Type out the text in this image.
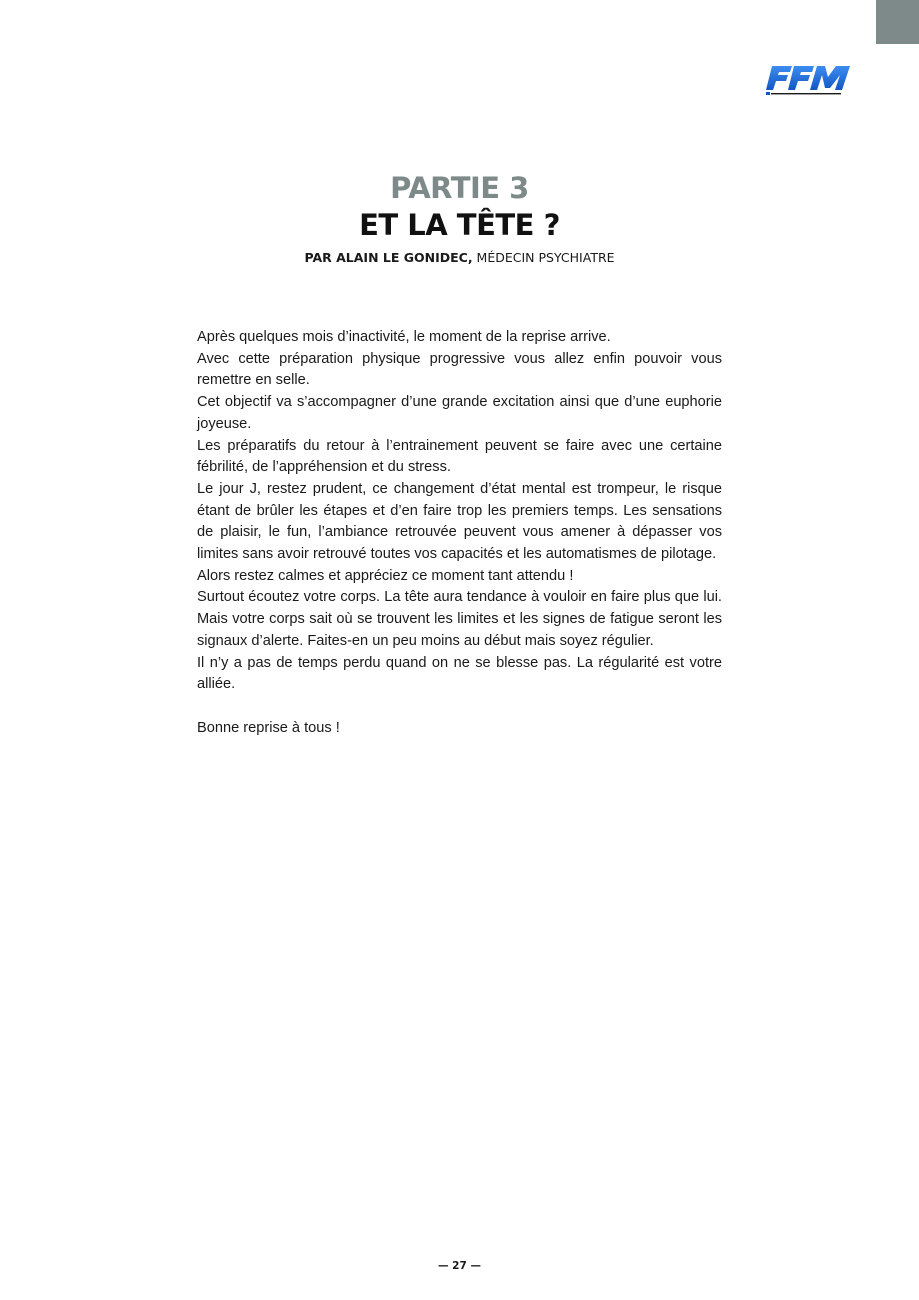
PARTIE 3
ET LA TÊTE ?
PAR ALAIN LE GONIDEC, MÉDECIN PSYCHIATRE

Après quelques mois d’inactivité, le moment de la reprise arrive.

Avec cette préparation physique progressive vous allez enfin pouvoir vous remettre en selle.

Cet objectif va s’accompagner d’une grande excitation ainsi que d’une euphorie joyeuse.

Les préparatifs du retour à l’entrainement peuvent se faire avec une certaine fébrilité, de l’appréhension et du stress.

Le jour J, restez prudent, ce changement d’état mental est trompeur, le risque étant de brûler les étapes et d’en faire trop les premiers temps. Les sensations de plaisir, le fun, l’ambiance retrouvée peuvent vous amener à dépasser vos limites sans avoir retrouvé toutes vos capacités et les automatismes de pilotage.

Alors restez calmes et appréciez ce moment tant attendu !

Surtout écoutez votre corps. La tête aura tendance à vouloir en faire plus que lui. Mais votre corps sait où se trouvent les limites et les signes de fatigue seront les signaux d’alerte. Faites-en un peu moins au début mais soyez régulier.

Il n’y a pas de temps perdu quand on ne se blesse pas. La régularité est votre alliée.

Bonne reprise à tous !

— 27 —
